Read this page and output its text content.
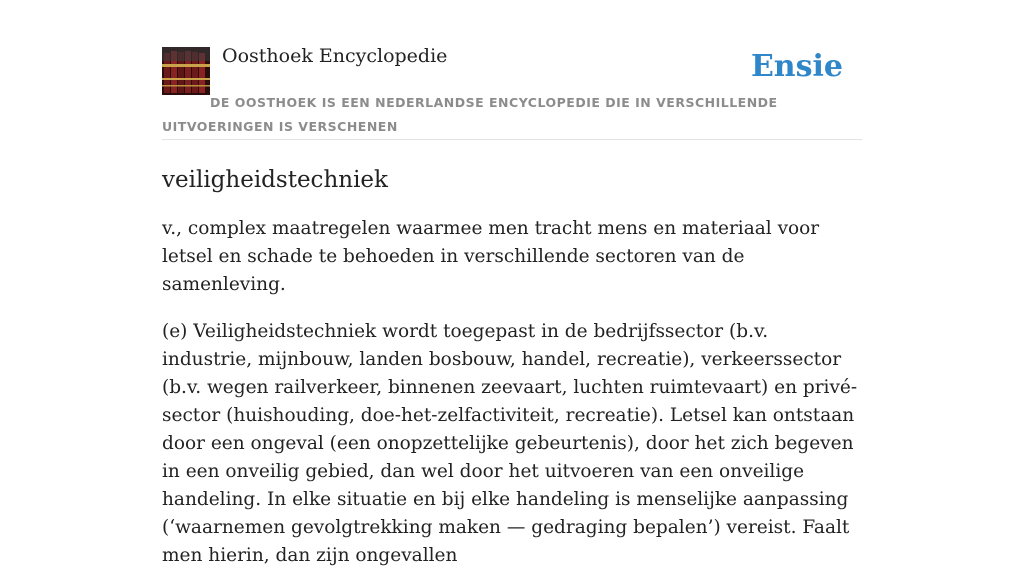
Oosthoek Encyclopedie	Ensie
DE OOSTHOEK IS EEN NEDERLANDSE ENCYCLOPEDIE DIE IN VERSCHILLENDE UITVOERINGEN IS VERSCHENEN
veiligheidstechniek

v., complex maatregelen waarmee men tracht mens en materiaal voor letsel en schade te behoeden in verschillende sectoren van de samenleving.

(e) Veiligheidstechniek wordt toegepast in de bedrijfssector (b.v. industrie, mijnbouw, landen bosbouw, handel, recreatie), verkeerssector (b.v. wegen railverkeer, binnenen zeevaart, luchten ruimtevaart) en privé-sector (huishouding, doe-het-zelfactiviteit, recreatie). Letsel kan ontstaan door een ongeval (een onopzettelijke gebeurtenis), door het zich begeven in een onveilig gebied, dan wel door het uitvoeren van een onveilige handeling. In elke situatie en bij elke handeling is menselijke aanpassing (‘waarnemen gevolgtrekking maken — gedraging bepalen’) vereist. Faalt men hierin, dan zijn ongevallen
